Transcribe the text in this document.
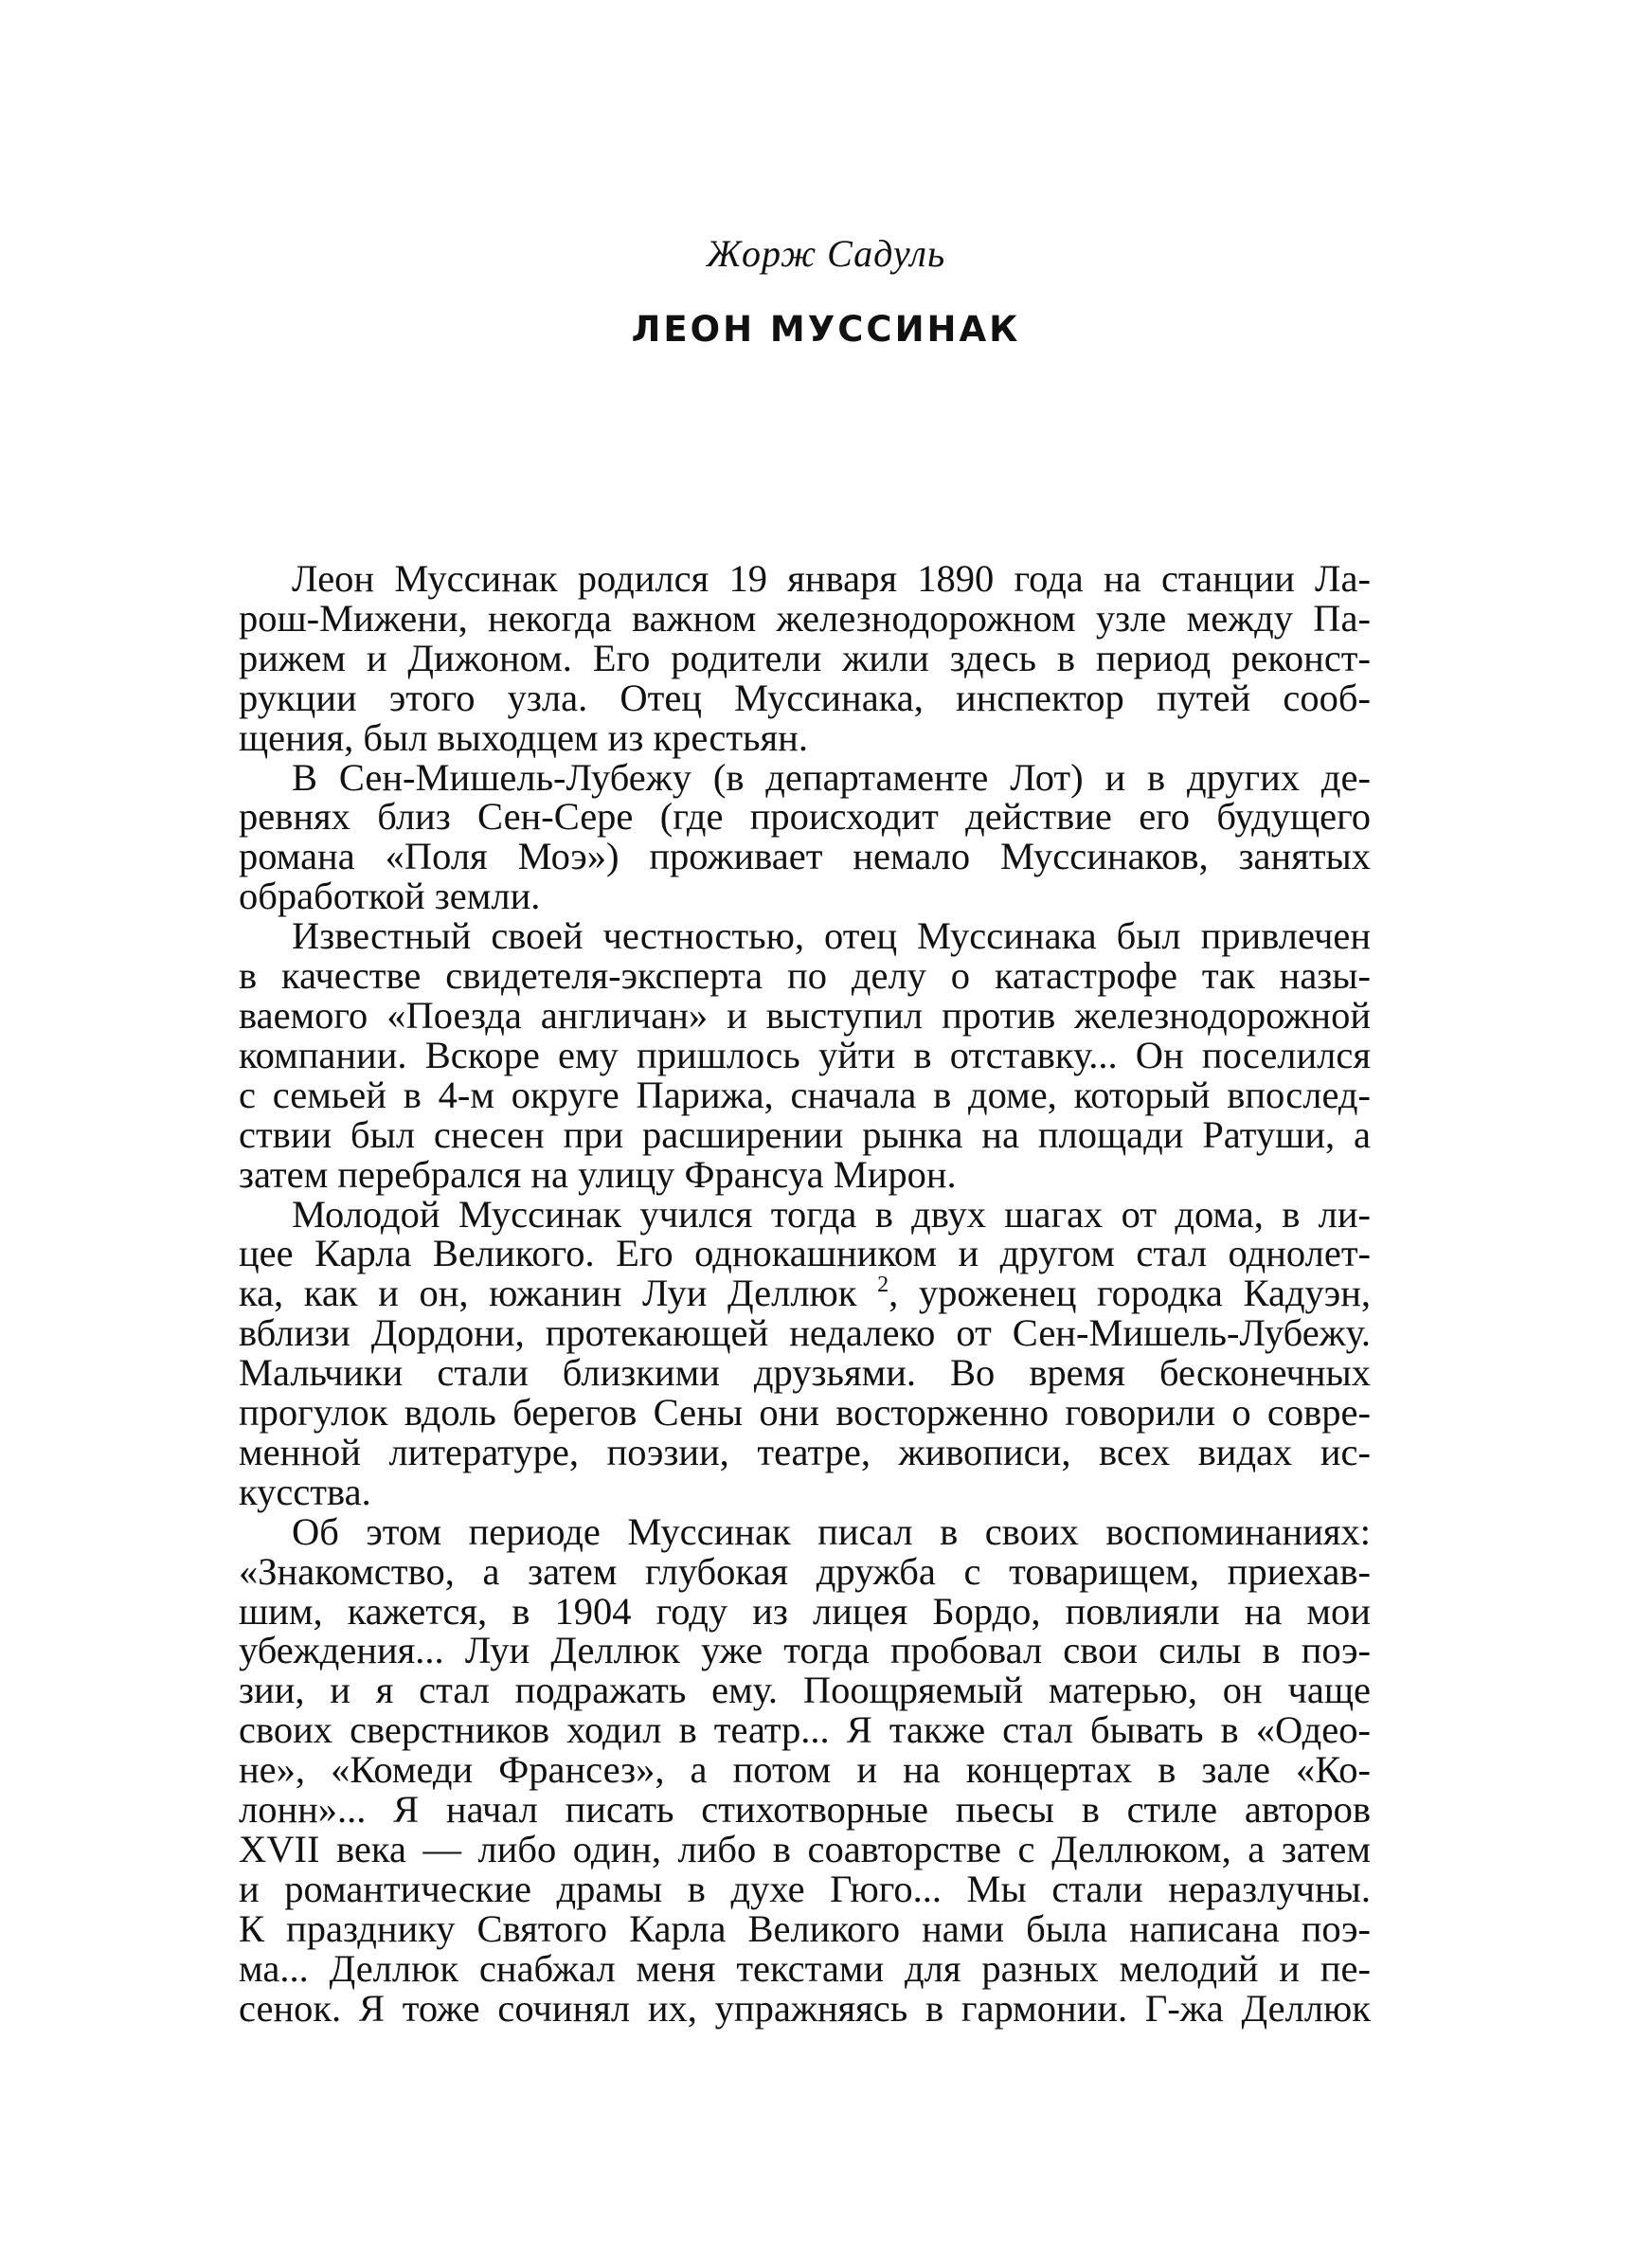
Жорж Садуль
ЛЕОН МУССИНАК

Леон Муссинак родился 19 января 1890 года на станции Ла-
рош-Мижени, некогда важном железнодорожном узле между Па-
рижем и Дижоном. Его родители жили здесь в период реконст-
рукции этого узла. Отец Муссинака, инспектор путей сооб-
щения, был выходцем из крестьян.

В Сен-Мишель-Лубежу (в департаменте Лот) и в других де-
ревнях близ Сен-Сере (где происходит действие его будущего
романа «Поля Моэ») проживает немало Муссинаков, занятых
обработкой земли.

Известный своей честностью, отец Муссинака был привлечен
в качестве свидетеля-эксперта по делу о катастрофе так назы-
ваемого «Поезда англичан» и выступил против железнодорожной
компании. Вскоре ему пришлось уйти в отставку... Он поселился
с семьей в 4-м округе Парижа, сначала в доме, который впослед-
ствии был снесен при расширении рынка на площади Ратуши, а
затем перебрался на улицу Франсуа Мирон.

Молодой Муссинак учился тогда в двух шагах от дома, в ли-
цее Карла Великого. Его однокашником и другом стал однолет-
ка, как и он, южанин Луи Деллюк $^2$, уроженец городка Кадуэн,
вблизи Дордони, протекающей недалеко от Сен-Мишель-Лубежу.
Мальчики стали близкими друзьями. Во время бесконечных
прогулок вдоль берегов Сены они восторженно говорили о совре-
менной литературе, поэзии, театре, живописи, всех видах ис-
кусства.

Об этом периоде Муссинак писал в своих воспоминаниях:
«Знакомство, а затем глубокая дружба с товарищем, приехав-
шим, кажется, в 1904 году из лицея Бордо, повлияли на мои
убеждения... Луи Деллюк уже тогда пробовал свои силы в поэ-
зии, и я стал подражать ему. Поощряемый матерью, он чаще
своих сверстников ходил в театр... Я также стал бывать в «Одео-
не», «Комеди Франсез», а потом и на концертах в зале «Ко-
лонн»... Я начал писать стихотворные пьесы в стиле авторов
XVII века — либо один, либо в соавторстве с Деллюком, а затем
и романтические драмы в духе Гюго... Мы стали неразлучны.
К празднику Святого Карла Великого нами была написана поэ-
ма... Деллюк снабжал меня текстами для разных мелодий и пе-
сенок. Я тоже сочинял их, упражняясь в гармонии. Г-жа Деллюк
